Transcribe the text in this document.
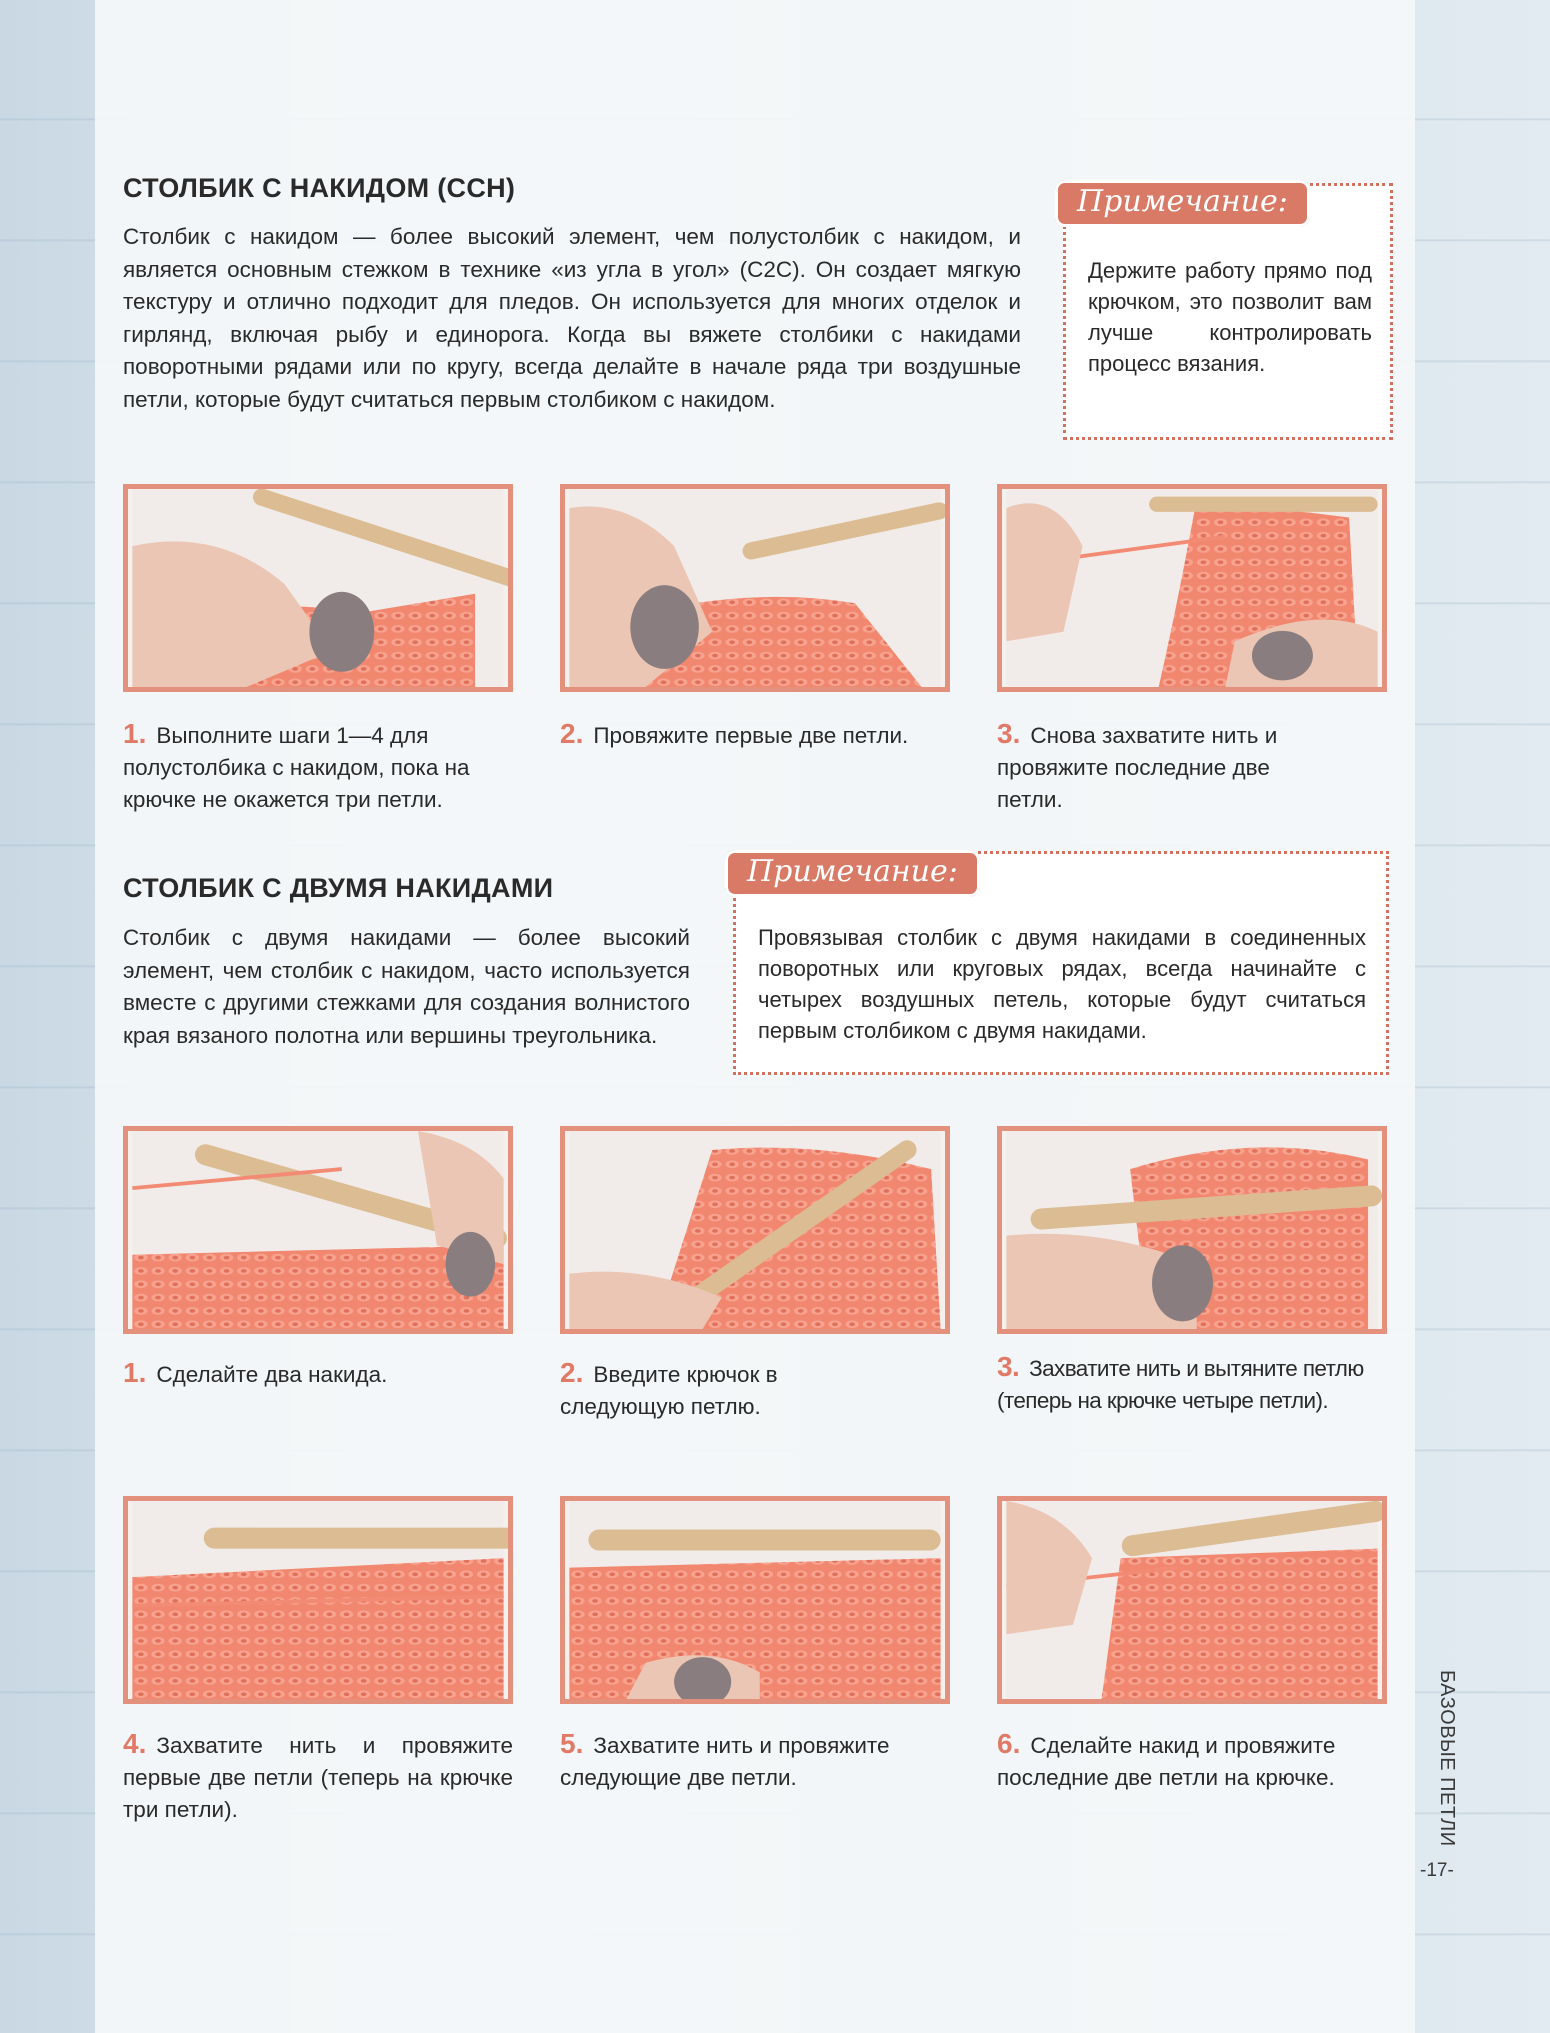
СТОЛБИК С НАКИДОМ (ССН)
Столбик с накидом — более высокий элемент, чем полустолбик с накидом, и является основным стежком в технике «из угла в угол» (C2C). Он создает мягкую текстуру и отлично подходит для пледов. Он используется для многих отделок и гирлянд, включая рыбу и единорога. Когда вы вяжете столбики с накидами поворотными рядами или по кругу, всегда делайте в начале ряда три воздушные петли, которые будут считаться первым столбиком с накидом.
Держите работу прямо под крючком, это позволит вам лучше контролировать процесс вязания.
Примечание:
1. Выполните шаги 1—4 для полустолбика с накидом, пока на крючке не окажется три петли.
2. Провяжите первые две петли.	3. Снова захватите нить и провяжите последние две петли.
СТОЛБИК С ДВУМЯ НАКИДАМИ
Столбик с двумя накидами — более высокий элемент, чем столбик с накидом, часто используется вместе с другими стежками для создания волнистого края вязаного полотна или вершины треугольника.
Провязывая столбик с двумя накидами в соединенных поворотных или круговых рядах, всегда начинайте с четырех воздушных петель, которые будут считаться первым столбиком с двумя накидами.
Примечание:
1. Сделайте два накида.	2. Введите крючок в следующую петлю.
3. Захватите нить и вытяните петлю (теперь на крючке четыре петли).
4. Захватите нить и провяжите первые две петли (теперь на крючке три петли).
5. Захватите нить и провяжите следующие две петли.
6. Сделайте накид и провяжите последние две петли на крючке.	БАЗОВЫЕ ПЕТЛИ
-17-
